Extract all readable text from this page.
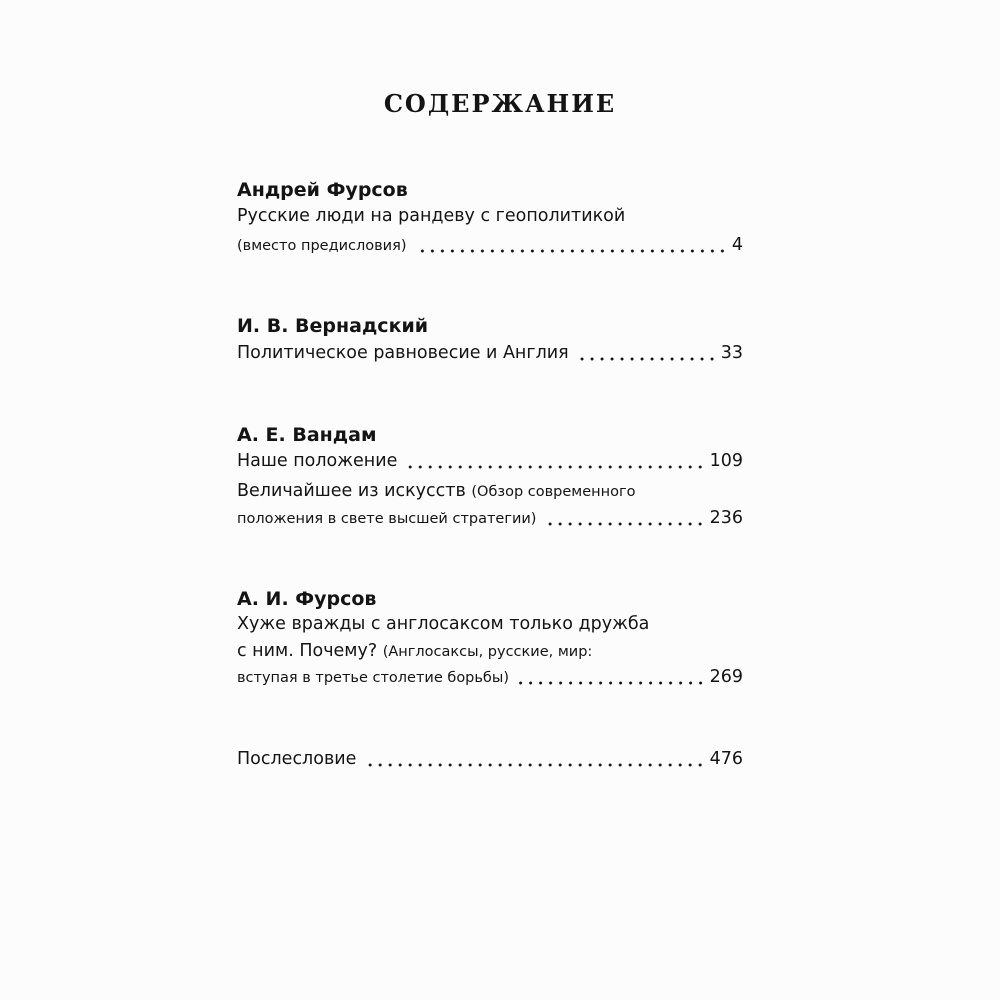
СОДЕРЖАНИЕ
Андрей Фурсов
Русские люди на рандеву с геополитикой
(вместо предисловия)	4
И. В. Вернадский
Политическое равновесие и Англия	33
А. Е. Вандам
Наше положение	109
Величайшее из искусств (Обзор современного
положения в свете высшей стратегии)	236
А. И. Фурсов
Хуже вражды с англосаксом только дружба
с ним. Почему? (Англосаксы, русские, мир:
вступая в третье столетие борьбы)	269
Послесловие	476
